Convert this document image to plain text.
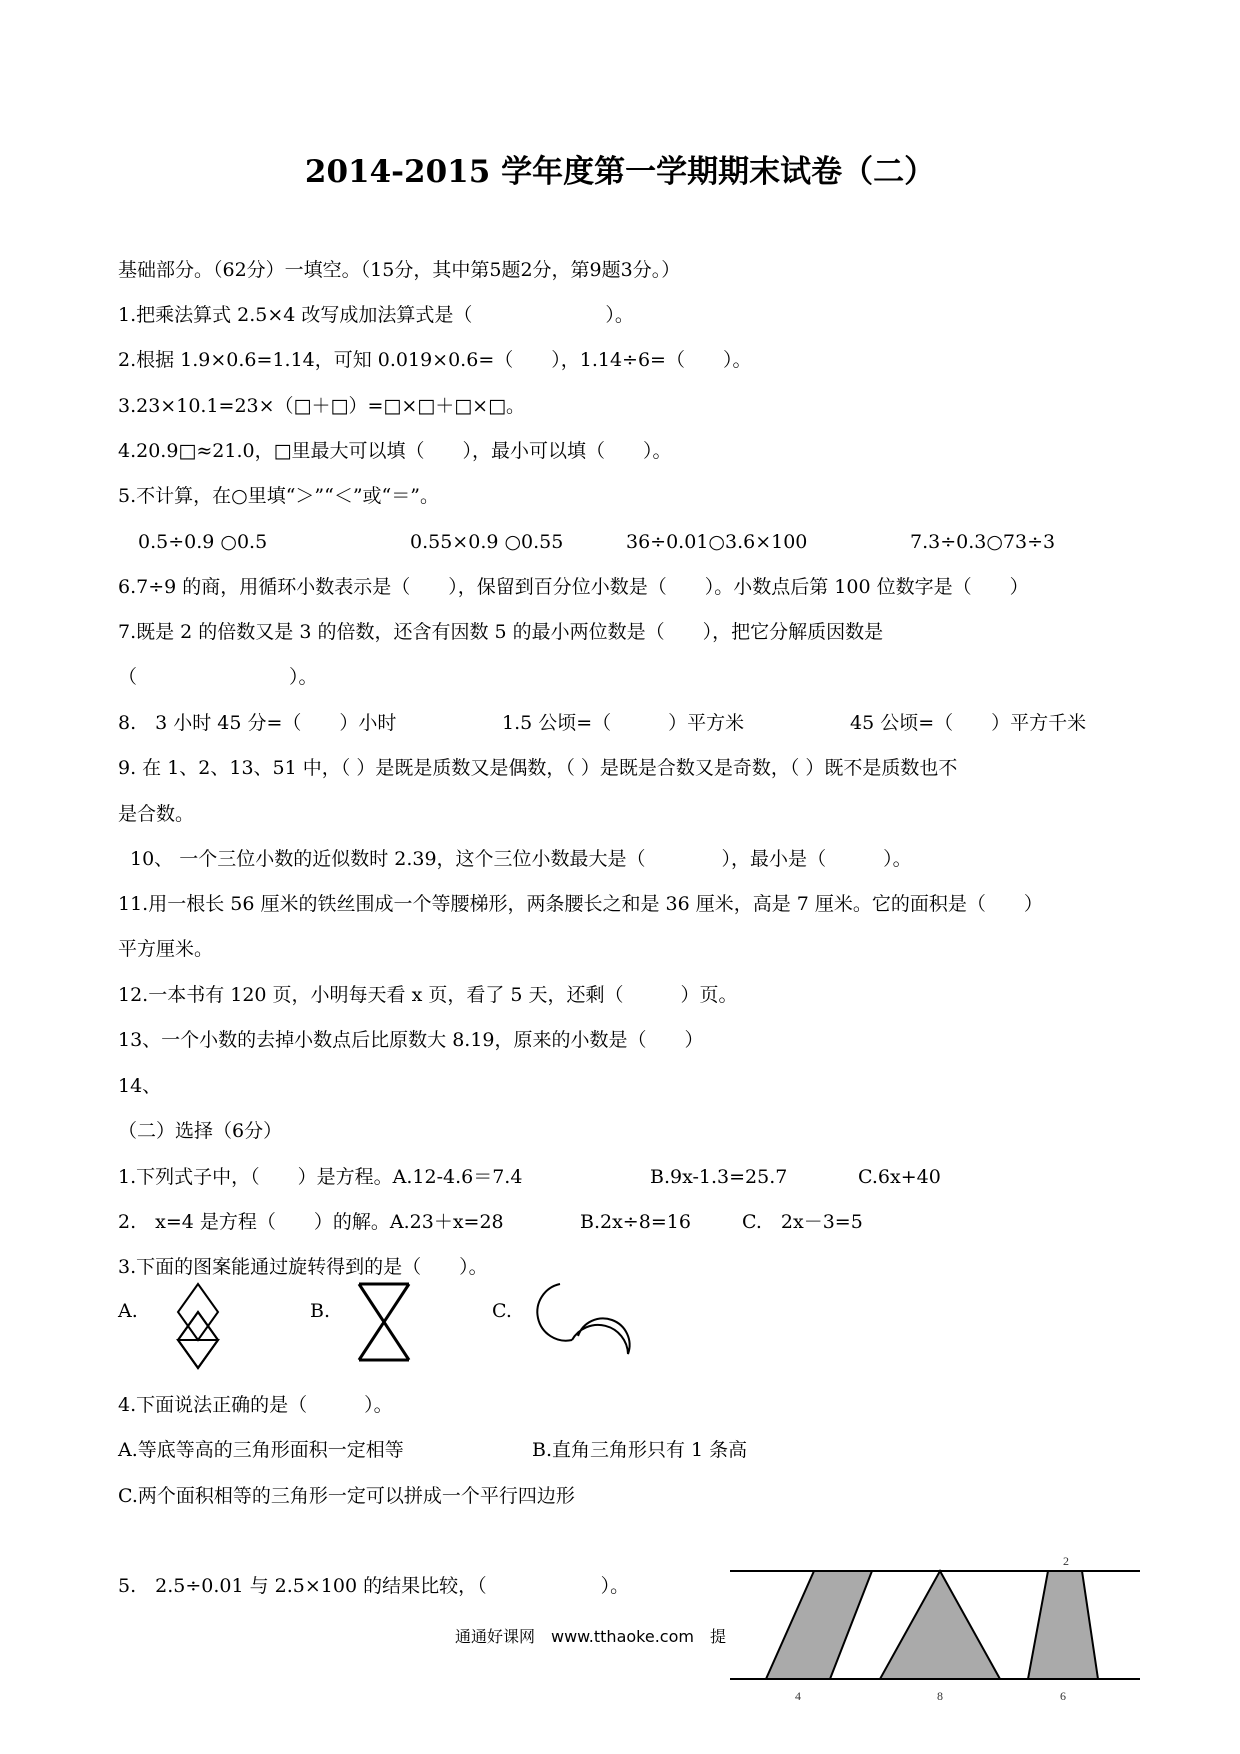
2014-2015 学年度第一学期期末试卷（二）
基础部分。（62分）一填空。（15分，其中第5题2分，第9题3分。）
1.把乘法算式 2.5×4 改写成加法算式是（　　　　　　　）。
2.根据 1.9×0.6=1.14，可知 0.019×0.6=（　　），1.14÷6=（　　）。
3.23×10.1=23×（□＋□）=□×□＋□×□。
4.20.9□≈21.0，□里最大可以填（　　），最小可以填（　　）。
5.不计算，在○里填“＞”“＜”或“＝”。
0.5÷0.9 ○0.5	0.55×0.9 ○0.55	36÷0.01○3.6×100	7.3÷0.3○73÷3
6.7÷9 的商，用循环小数表示是（　　），保留到百分位小数是（　　）。小数点后第 100 位数字是（　　）
7.既是 2 的倍数又是 3 的倍数，还含有因数 5 的最小两位数是（　　），把它分解质因数是
（　　　　　　　　）。
8.　3 小时 45 分=（　　）小时	1.5 公顷=（　　　）平方米	45 公顷=（　　）平方千米
9. 在 1、2、13、51 中，（ ）是既是质数又是偶数，（ ）是既是合数又是奇数，（ ）既不是质数也不
是合数。
10、 一个三位小数的近似数时 2.39，这个三位小数最大是（　　　　），最小是（　　　）。
11.用一根长 56 厘米的铁丝围成一个等腰梯形，两条腰长之和是 36 厘米，高是 7 厘米。它的面积是（　　）
平方厘米。
12.一本书有 120 页，小明每天看 x 页，看了 5 天，还剩（　　　）页。
13、一个小数的去掉小数点后比原数大 8.19，原来的小数是（　　）
14、
（二）选择（6分）
1.下列式子中，（　　）是方程。A.12-4.6＝7.4	B.9x-1.3=25.7	C.6x+40
2.　x=4 是方程（　　）的解。A.23＋x=28	B.2x÷8=16	C.　2x－3=5
3.下面的图案能通过旋转得到的是（　　）。
A.	B.	C.
4.下面说法正确的是（　　　）。
A.等底等高的三角形面积一定相等	B.直角三角形只有 1 条高
C.两个面积相等的三角形一定可以拼成一个平行四边形
5.　2.5÷0.01 与 2.5×100 的结果比较，（　　　　　　）。
2
4	8	6
通通好课网　www.tthaoke.com　提
